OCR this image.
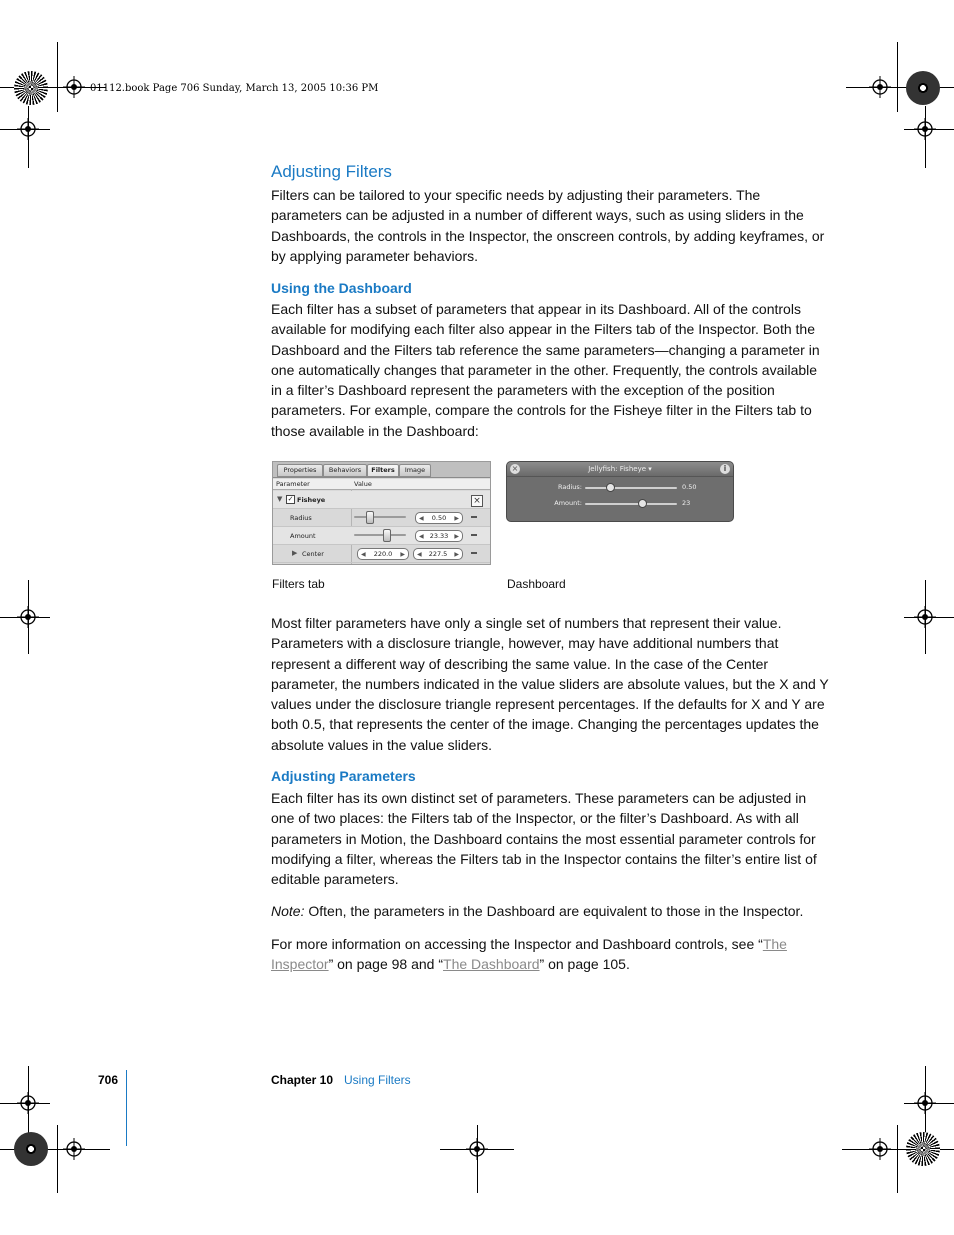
01112.book Page 706 Sunday, March 13, 2005 10:36 PM
Adjusting Filters
Filters can be tailored to your specific needs by adjusting their parameters. The parameters can be adjusted in a number of different ways, such as using sliders in the Dashboards, the controls in the Inspector, the onscreen controls, by adding keyframes, or by applying parameter behaviors.
Using the Dashboard
Each filter has a subset of parameters that appear in its Dashboard. All of the controls available for modifying each filter also appear in the Filters tab of the Inspector. Both the Dashboard and the Filters tab reference the same parameters—changing a parameter in one automatically changes that parameter in the other. Frequently, the controls available in a filter’s Dashboard represent the parameters with the exception of the position parameters. For example, compare the controls for the Fisheye filter in the Filters tab to those available in the Dashboard:
Properties	Behaviors	Filters	Image
Parameter	Value
▼ ✓ Fisheye	×
Radius	◀ 0.50 ▶
Amount	◀ 23.33 ▶
▶ Center	◀ 220.0 ▶ ◀ 227.5 ▶
×	Jellyfish: Fisheye ▾	i
Radius:	0.50
Amount:	23
Filters tab	Dashboard
Most filter parameters have only a single set of numbers that represent their value. Parameters with a disclosure triangle, however, may have additional numbers that represent a different way of describing the same value. In the case of the Center parameter, the numbers indicated in the value sliders are absolute values, but the X and Y values under the disclosure triangle represent percentages. If the defaults for X and Y are both 0.5, that represents the center of the image. Changing the percentages updates the absolute values in the value sliders.
Adjusting Parameters
Each filter has its own distinct set of parameters. These parameters can be adjusted in one of two places: the Filters tab of the Inspector, or the filter’s Dashboard. As with all parameters in Motion, the Dashboard contains the most essential parameter controls for modifying a filter, whereas the Filters tab in the Inspector contains the filter’s entire list of editable parameters.
Note: Often, the parameters in the Dashboard are equivalent to those in the Inspector.
For more information on accessing the Inspector and Dashboard controls, see “The Inspector” on page 98 and “The Dashboard” on page 105.
706	Chapter 10 Using Filters
